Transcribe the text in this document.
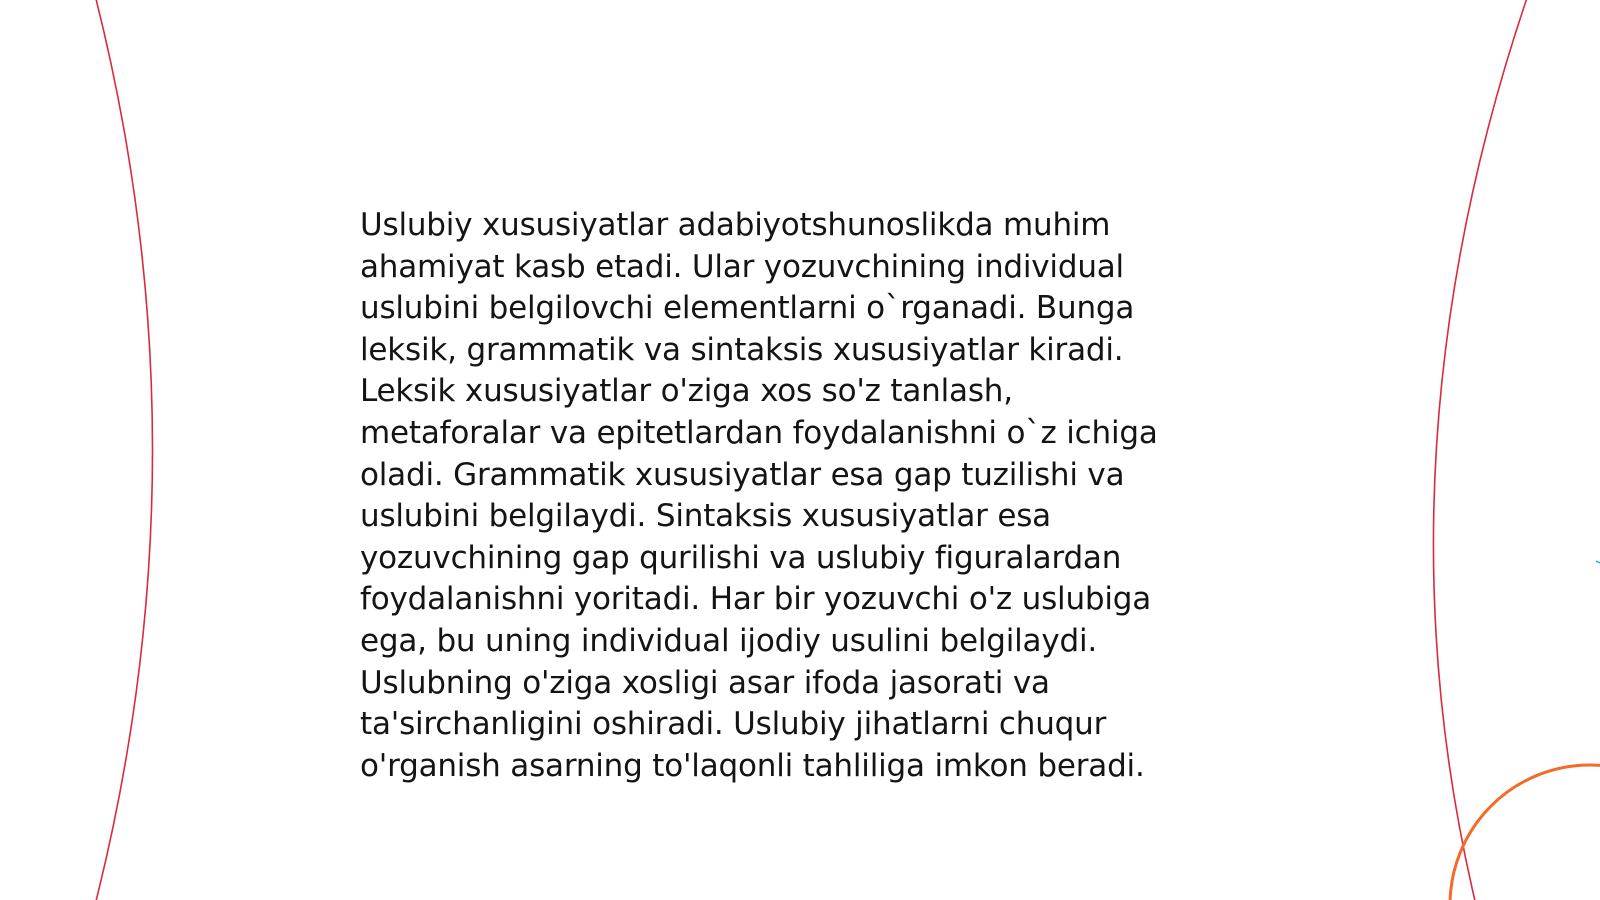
Uslubiy xususiyatlar adabiyotshunoslikda muhim
ahamiyat kasb etadi. Ular yozuvchining individual
uslubini belgilovchi elementlarni o`rganadi. Bunga
leksik, grammatik va sintaksis xususiyatlar kiradi.
Leksik xususiyatlar o'ziga xos so'z tanlash,
metaforalar va epitetlardan foydalanishni o`z ichiga
oladi. Grammatik xususiyatlar esa gap tuzilishi va
uslubini belgilaydi. Sintaksis xususiyatlar esa
yozuvchining gap qurilishi va uslubiy figuralardan
foydalanishni yoritadi. Har bir yozuvchi o'z uslubiga
ega, bu uning individual ijodiy usulini belgilaydi.
Uslubning o'ziga xosligi asar ifoda jasorati va
ta'sirchanligini oshiradi. Uslubiy jihatlarni chuqur
o'rganish asarning to'laqonli tahliliga imkon beradi.
